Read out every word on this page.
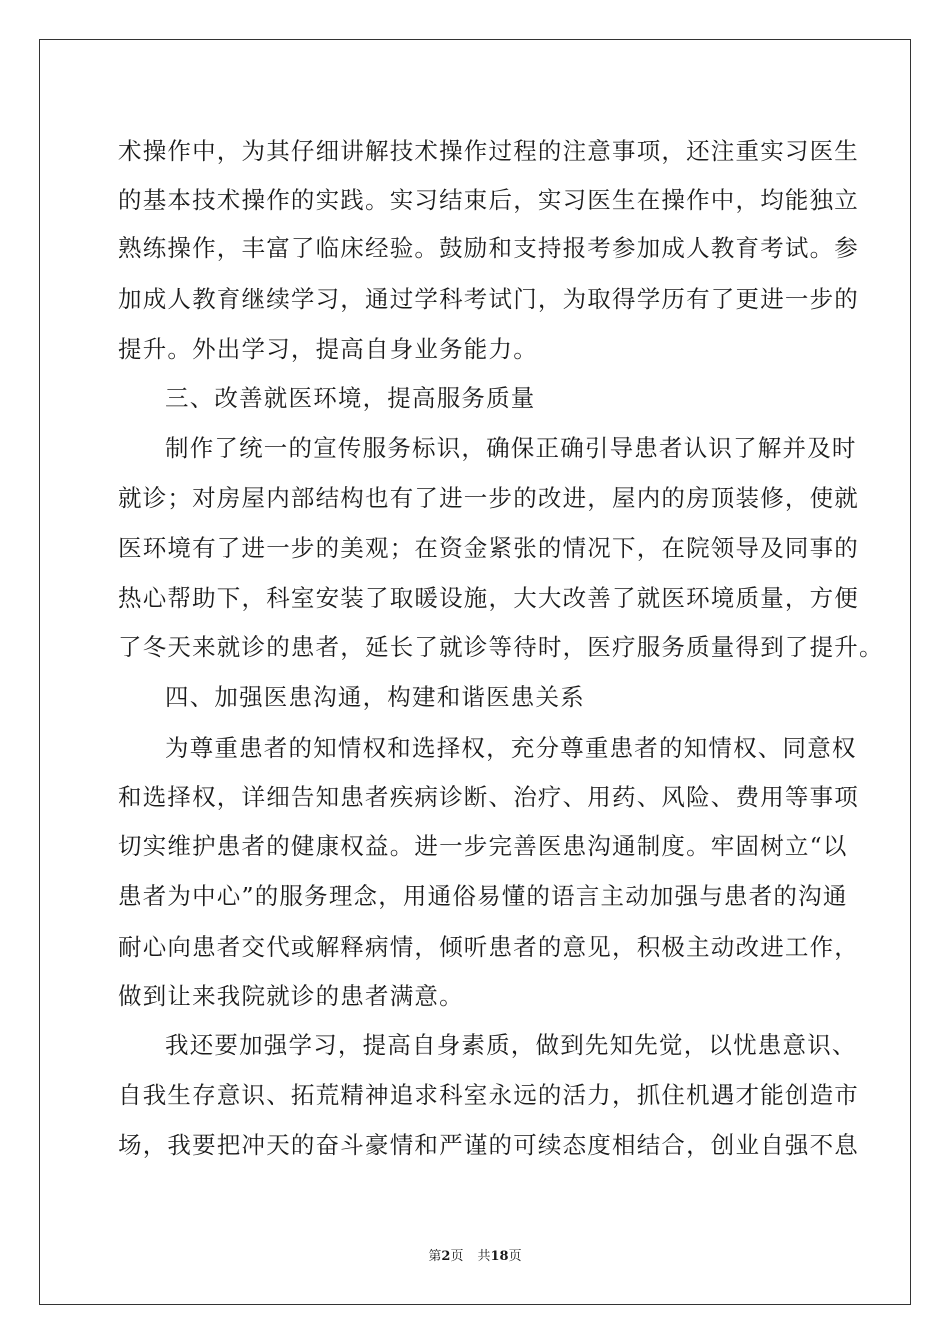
术操作中，为其仔细讲解技术操作过程的注意事项，还注重实习医生
的基本技术操作的实践。实习结束后，实习医生在操作中，均能独立
熟练操作，丰富了临床经验。鼓励和支持报考参加成人教育考试。参
加成人教育继续学习，通过学科考试门，为取得学历有了更进一步的
提升。外出学习，提高自身业务能力。
三、改善就医环境，提高服务质量
制作了统一的宣传服务标识，确保正确引导患者认识了解并及时
就诊；对房屋内部结构也有了进一步的改进，屋内的房顶装修，使就
医环境有了进一步的美观；在资金紧张的情况下，在院领导及同事的
热心帮助下，科室安装了取暖设施，大大改善了就医环境质量，方便
了冬天来就诊的患者，延长了就诊等待时，医疗服务质量得到了提升。
四、加强医患沟通，构建和谐医患关系
为尊重患者的知情权和选择权，充分尊重患者的知情权、同意权
和选择权，详细告知患者疾病诊断、治疗、用药、风险、费用等事项
切实维护患者的健康权益。进一步完善医患沟通制度。牢固树立“以
患者为中心”的服务理念，用通俗易懂的语言主动加强与患者的沟通
耐心向患者交代或解释病情，倾听患者的意见，积极主动改进工作，
做到让来我院就诊的患者满意。
我还要加强学习，提高自身素质，做到先知先觉，以忧患意识、
自我生存意识、拓荒精神追求科室永远的活力，抓住机遇才能创造市
场，我要把冲天的奋斗豪情和严谨的可续态度相结合，创业自强不息
第2页 共18页
